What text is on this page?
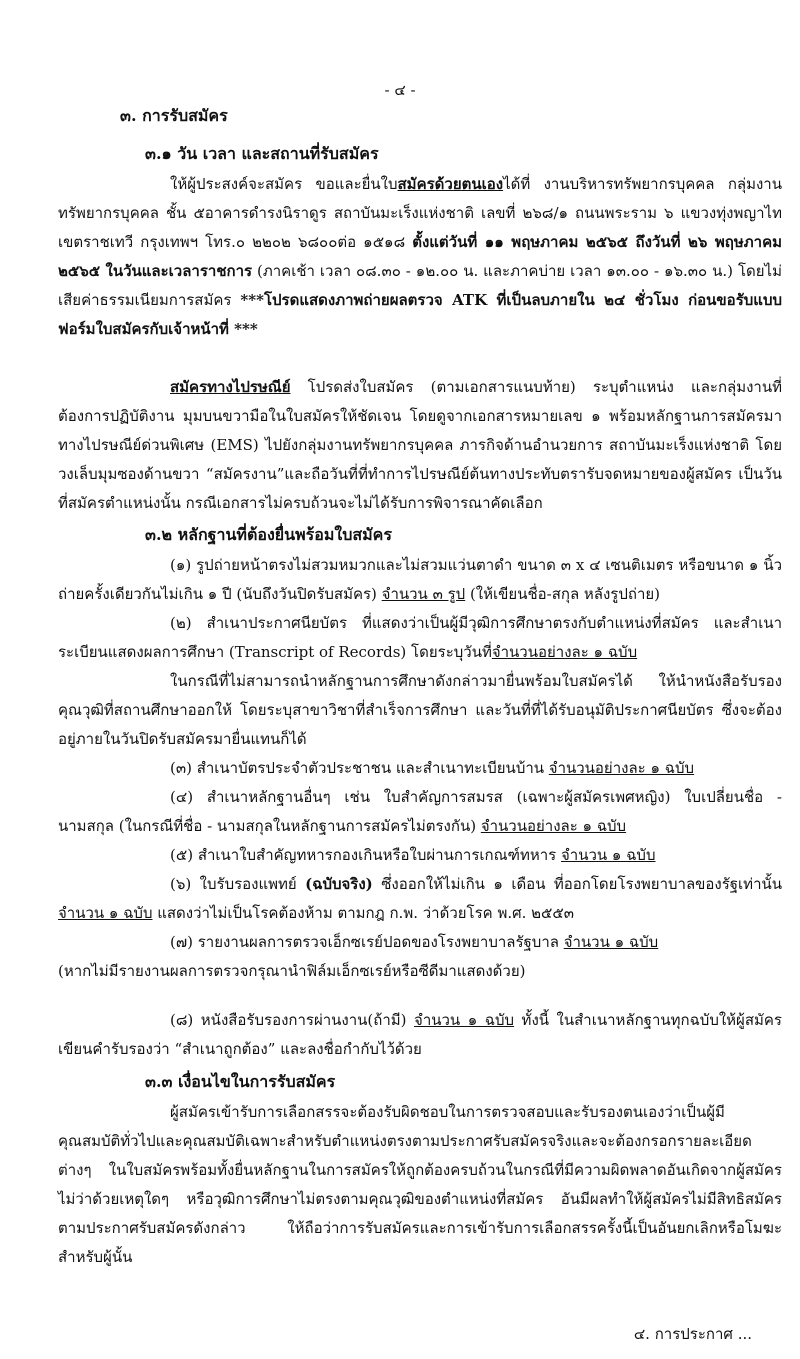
- ๔ -
๓. การรับสมัคร
๓.๑ วัน เวลา และสถานที่รับสมัคร
ให้ผู้ประสงค์จะสมัคร ขอและยื่นใบสมัครด้วยตนเองได้ที่ งานบริหารทรัพยากรบุคคล กลุ่มงานทรัพยากรบุคคล ชั้น ๕อาคารดำรงนิราดูร สถาบันมะเร็งแห่งชาติ เลขที่ ๒๖๘/๑ ถนนพระราม ๖ แขวงทุ่งพญาไท เขตราชเทวี กรุงเทพฯ โทร.๐ ๒๒๐๒ ๖๘๐๐ต่อ ๑๕๑๘ ตั้งแต่วันที่ ๑๑ พฤษภาคม ๒๕๖๕ ถึงวันที่ ๒๖ พฤษภาคม ๒๕๖๕ ในวันและเวลาราชการ (ภาคเช้า เวลา ๐๘.๓๐ - ๑๒.๐๐ น. และภาคบ่าย เวลา ๑๓.๐๐ - ๑๖.๓๐ น.) โดยไม่เสียค่าธรรมเนียมการสมัคร ***โปรดแสดงภาพถ่ายผลตรวจ ATK ที่เป็นลบภายใน ๒๔ ชั่วโมง ก่อนขอรับแบบฟอร์มใบสมัครกับเจ้าหน้าที่ ***
สมัครทางไปรษณีย์ โปรดส่งใบสมัคร (ตามเอกสารแนบท้าย) ระบุตำแหน่ง และกลุ่มงานที่ต้องการปฏิบัติงาน มุมบนขวามือในใบสมัครให้ชัดเจน โดยดูจากเอกสารหมายเลข ๑ พร้อมหลักฐานการสมัครมาทางไปรษณีย์ด่วนพิเศษ (EMS) ไปยังกลุ่มงานทรัพยากรบุคคล ภารกิจด้านอำนวยการ สถาบันมะเร็งแห่งชาติ โดยวงเล็บมุมซองด้านขวา “สมัครงาน”และถือวันที่ที่ทำการไปรษณีย์ต้นทางประทับตรารับจดหมายของผู้สมัคร เป็นวันที่สมัครตำแหน่งนั้น กรณีเอกสารไม่ครบถ้วนจะไม่ได้รับการพิจารณาคัดเลือก
๓.๒ หลักฐานที่ต้องยื่นพร้อมใบสมัคร
(๑) รูปถ่ายหน้าตรงไม่สวมหมวกและไม่สวมแว่นตาดำ ขนาด ๓ x ๔ เซนติเมตร หรือขนาด ๑ นิ้ว ถ่ายครั้งเดียวกันไม่เกิน ๑ ปี (นับถึงวันปิดรับสมัคร) จำนวน ๓ รูป (ให้เขียนชื่อ-สกุล หลังรูปถ่าย)
(๒) สำเนาประกาศนียบัตร ที่แสดงว่าเป็นผู้มีวุฒิการศึกษาตรงกับตำแหน่งที่สมัคร และสำเนาระเบียนแสดงผลการศึกษา (Transcript of Records) โดยระบุวันที่จำนวนอย่างละ ๑ ฉบับ
ในกรณีที่ไม่สามารถนำหลักฐานการศึกษาดังกล่าวมายื่นพร้อมใบสมัครได้ ให้นำหนังสือรับรองคุณวุฒิที่สถานศึกษาออกให้ โดยระบุสาขาวิชาที่สำเร็จการศึกษา และวันที่ที่ได้รับอนุมัติประกาศนียบัตร ซึ่งจะต้องอยู่ภายในวันปิดรับสมัครมายื่นแทนก็ได้
(๓) สำเนาบัตรประจำตัวประชาชน และสำเนาทะเบียนบ้าน จำนวนอย่างละ ๑ ฉบับ
(๔) สำเนาหลักฐานอื่นๆ เช่น ใบสำคัญการสมรส (เฉพาะผู้สมัครเพศหญิง) ใบเปลี่ยนชื่อ - นามสกุล (ในกรณีที่ชื่อ - นามสกุลในหลักฐานการสมัครไม่ตรงกัน) จำนวนอย่างละ ๑ ฉบับ
(๕) สำเนาใบสำคัญทหารกองเกินหรือใบผ่านการเกณฑ์ทหาร จำนวน ๑ ฉบับ
(๖) ใบรับรองแพทย์ (ฉบับจริง) ซึ่งออกให้ไม่เกิน ๑ เดือน ที่ออกโดยโรงพยาบาลของรัฐเท่านั้น จำนวน ๑ ฉบับ แสดงว่าไม่เป็นโรคต้องห้าม ตามกฎ ก.พ. ว่าด้วยโรค พ.ศ. ๒๕๕๓
(๗) รายงานผลการตรวจเอ็กซเรย์ปอดของโรงพยาบาลรัฐบาล จำนวน ๑ ฉบับ
(หากไม่มีรายงานผลการตรวจกรุณานำฟิล์มเอ็กซเรย์หรือซีดีมาแสดงด้วย)
(๘) หนังสือรับรองการผ่านงาน(ถ้ามี) จำนวน ๑ ฉบับ ทั้งนี้ ในสำเนาหลักฐานทุกฉบับให้ผู้สมัครเขียนคำรับรองว่า “สำเนาถูกต้อง” และลงชื่อกำกับไว้ด้วย
๓.๓ เงื่อนไขในการรับสมัคร
ผู้สมัครเข้ารับการเลือกสรรจะต้องรับผิดชอบในการตรวจสอบและรับรองตนเองว่าเป็นผู้มีคุณสมบัติทั่วไปและคุณสมบัติเฉพาะสำหรับตำแหน่งตรงตามประกาศรับสมัครจริงและจะต้องกรอกรายละเอียดต่างๆ ในใบสมัครพร้อมทั้งยื่นหลักฐานในการสมัครให้ถูกต้องครบถ้วนในกรณีที่มีความผิดพลาดอันเกิดจากผู้สมัครไม่ว่าด้วยเหตุใดๆ หรือวุฒิการศึกษาไม่ตรงตามคุณวุฒิของตำแหน่งที่สมัคร อันมีผลทำให้ผู้สมัครไม่มีสิทธิสมัครตามประกาศรับสมัครดังกล่าว ให้ถือว่าการรับสมัครและการเข้ารับการเลือกสรรครั้งนี้เป็นอันยกเลิกหรือโมฆะสำหรับผู้นั้น
๔. การประกาศ ...
